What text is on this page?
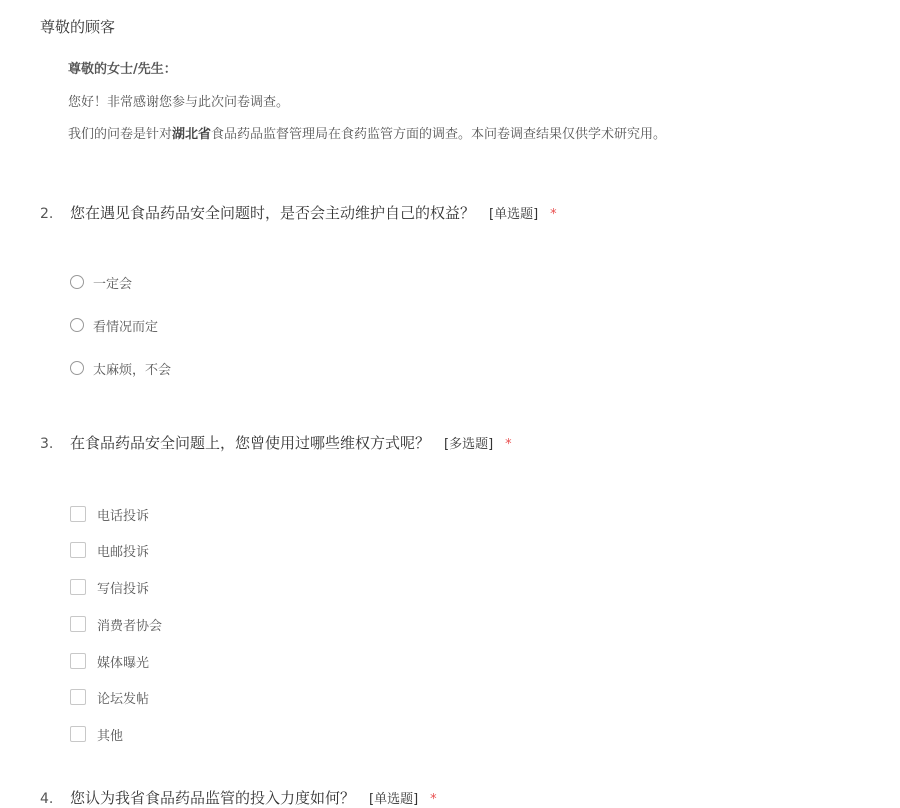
尊敬的顾客

尊敬的女士/先生：

您好！非常感谢您参与此次问卷调查。

我们的问卷是针对湖北省食品药品监督管理局在食药监管方面的调查。本问卷调查结果仅供学术研究用。

2. 您在遇见食品药品安全问题时，是否会主动维护自己的权益？ [单选题] *
一定会
看情况而定
太麻烦，不会
3. 在食品药品安全问题上，您曾使用过哪些维权方式呢？ [多选题] *
电话投诉
电邮投诉
写信投诉
消费者协会
媒体曝光
论坛发帖
其他
4. 您认为我省食品药品监管的投入力度如何？ [单选题] *
